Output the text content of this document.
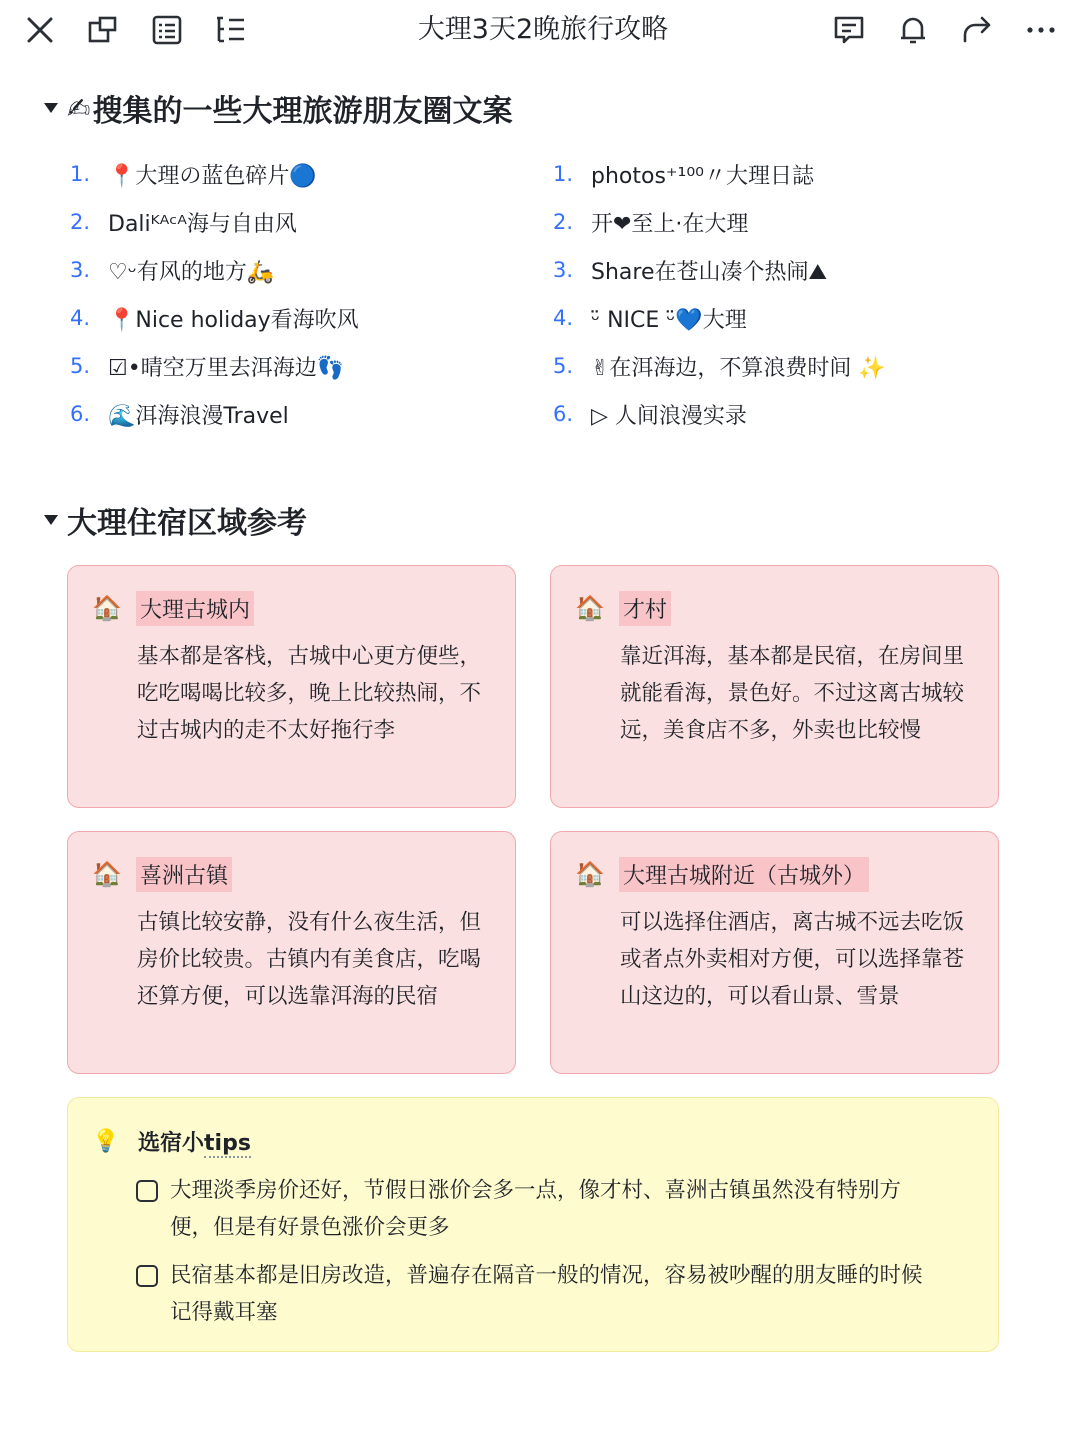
大理3天2晚旅行攻略
✍ 搜集的一些大理旅游朋友圈文案
1. 📍大理の蓝色碎片🔵
2. Daliᴷᴬᶜᴬ海与自由风
3. ♡ᵕ有风的地方🛵
4. 📍Nice holiday看海吹风
5. ☑•晴空万里去洱海边👣
6. 🌊洱海浪漫Travel
1. photos⁺¹⁰⁰〃大理日誌
2. 开❤至上·在大理
3. Share在苍山凑个热闹⛰
4. ᵕ̈ NICE ᵕ̈💙大理
5. ✌在洱海边，不算浪费时间 ✨
6. ▷ 人间浪漫实录
大理住宿区域参考
🏠 大理古城内
基本都是客栈，古城中心更方便些，吃吃喝喝比较多，晚上比较热闹，不过古城内的走不太好拖行李
🏠 才村
靠近洱海，基本都是民宿，在房间里就能看海，景色好。不过这离古城较远，美食店不多，外卖也比较慢
🏠 喜洲古镇
古镇比较安静，没有什么夜生活，但房价比较贵。古镇内有美食店，吃喝还算方便，可以选靠洱海的民宿
🏠 大理古城附近（古城外）
可以选择住酒店，离古城不远去吃饭或者点外卖相对方便，可以选择靠苍山这边的，可以看山景、雪景
💡 选宿小tips
大理淡季房价还好，节假日涨价会多一点，像才村、喜洲古镇虽然没有特别方便，但是有好景色涨价会更多
民宿基本都是旧房改造，普遍存在隔音一般的情况，容易被吵醒的朋友睡的时候记得戴耳塞
